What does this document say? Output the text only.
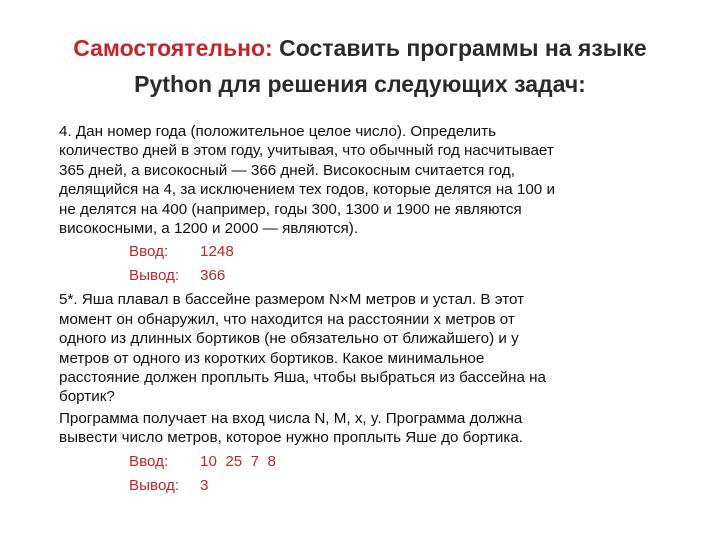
Самостоятельно: Составить программы на языке
Python для решения следующих задач:
4. Дан номер года (положительное целое число). Определить
количество дней в этом году, учитывая, что обычный год насчитывает
365 дней, а високосный — 366 дней. Високосным считается год,
делящийся на 4, за исключением тех годов, которые делятся на 100 и
не делятся на 400 (например, годы 300, 1300 и 1900 не являются
високосными, а 1200 и 2000 — являются).
Ввод: 1248
Вывод: 366
5*. Яша плавал в бассейне размером N×M метров и устал. В этот
момент он обнаружил, что находится на расстоянии x метров от
одного из длинных бортиков (не обязательно от ближайшего) и y
метров от одного из коротких бортиков. Какое минимальное
расстояние должен проплыть Яша, чтобы выбраться из бассейна на
бортик?
Программа получает на вход числа N, M, x, y. Программа должна
вывести число метров, которое нужно проплыть Яше до бортика.
Ввод: 10  25  7  8
Вывод: 3
